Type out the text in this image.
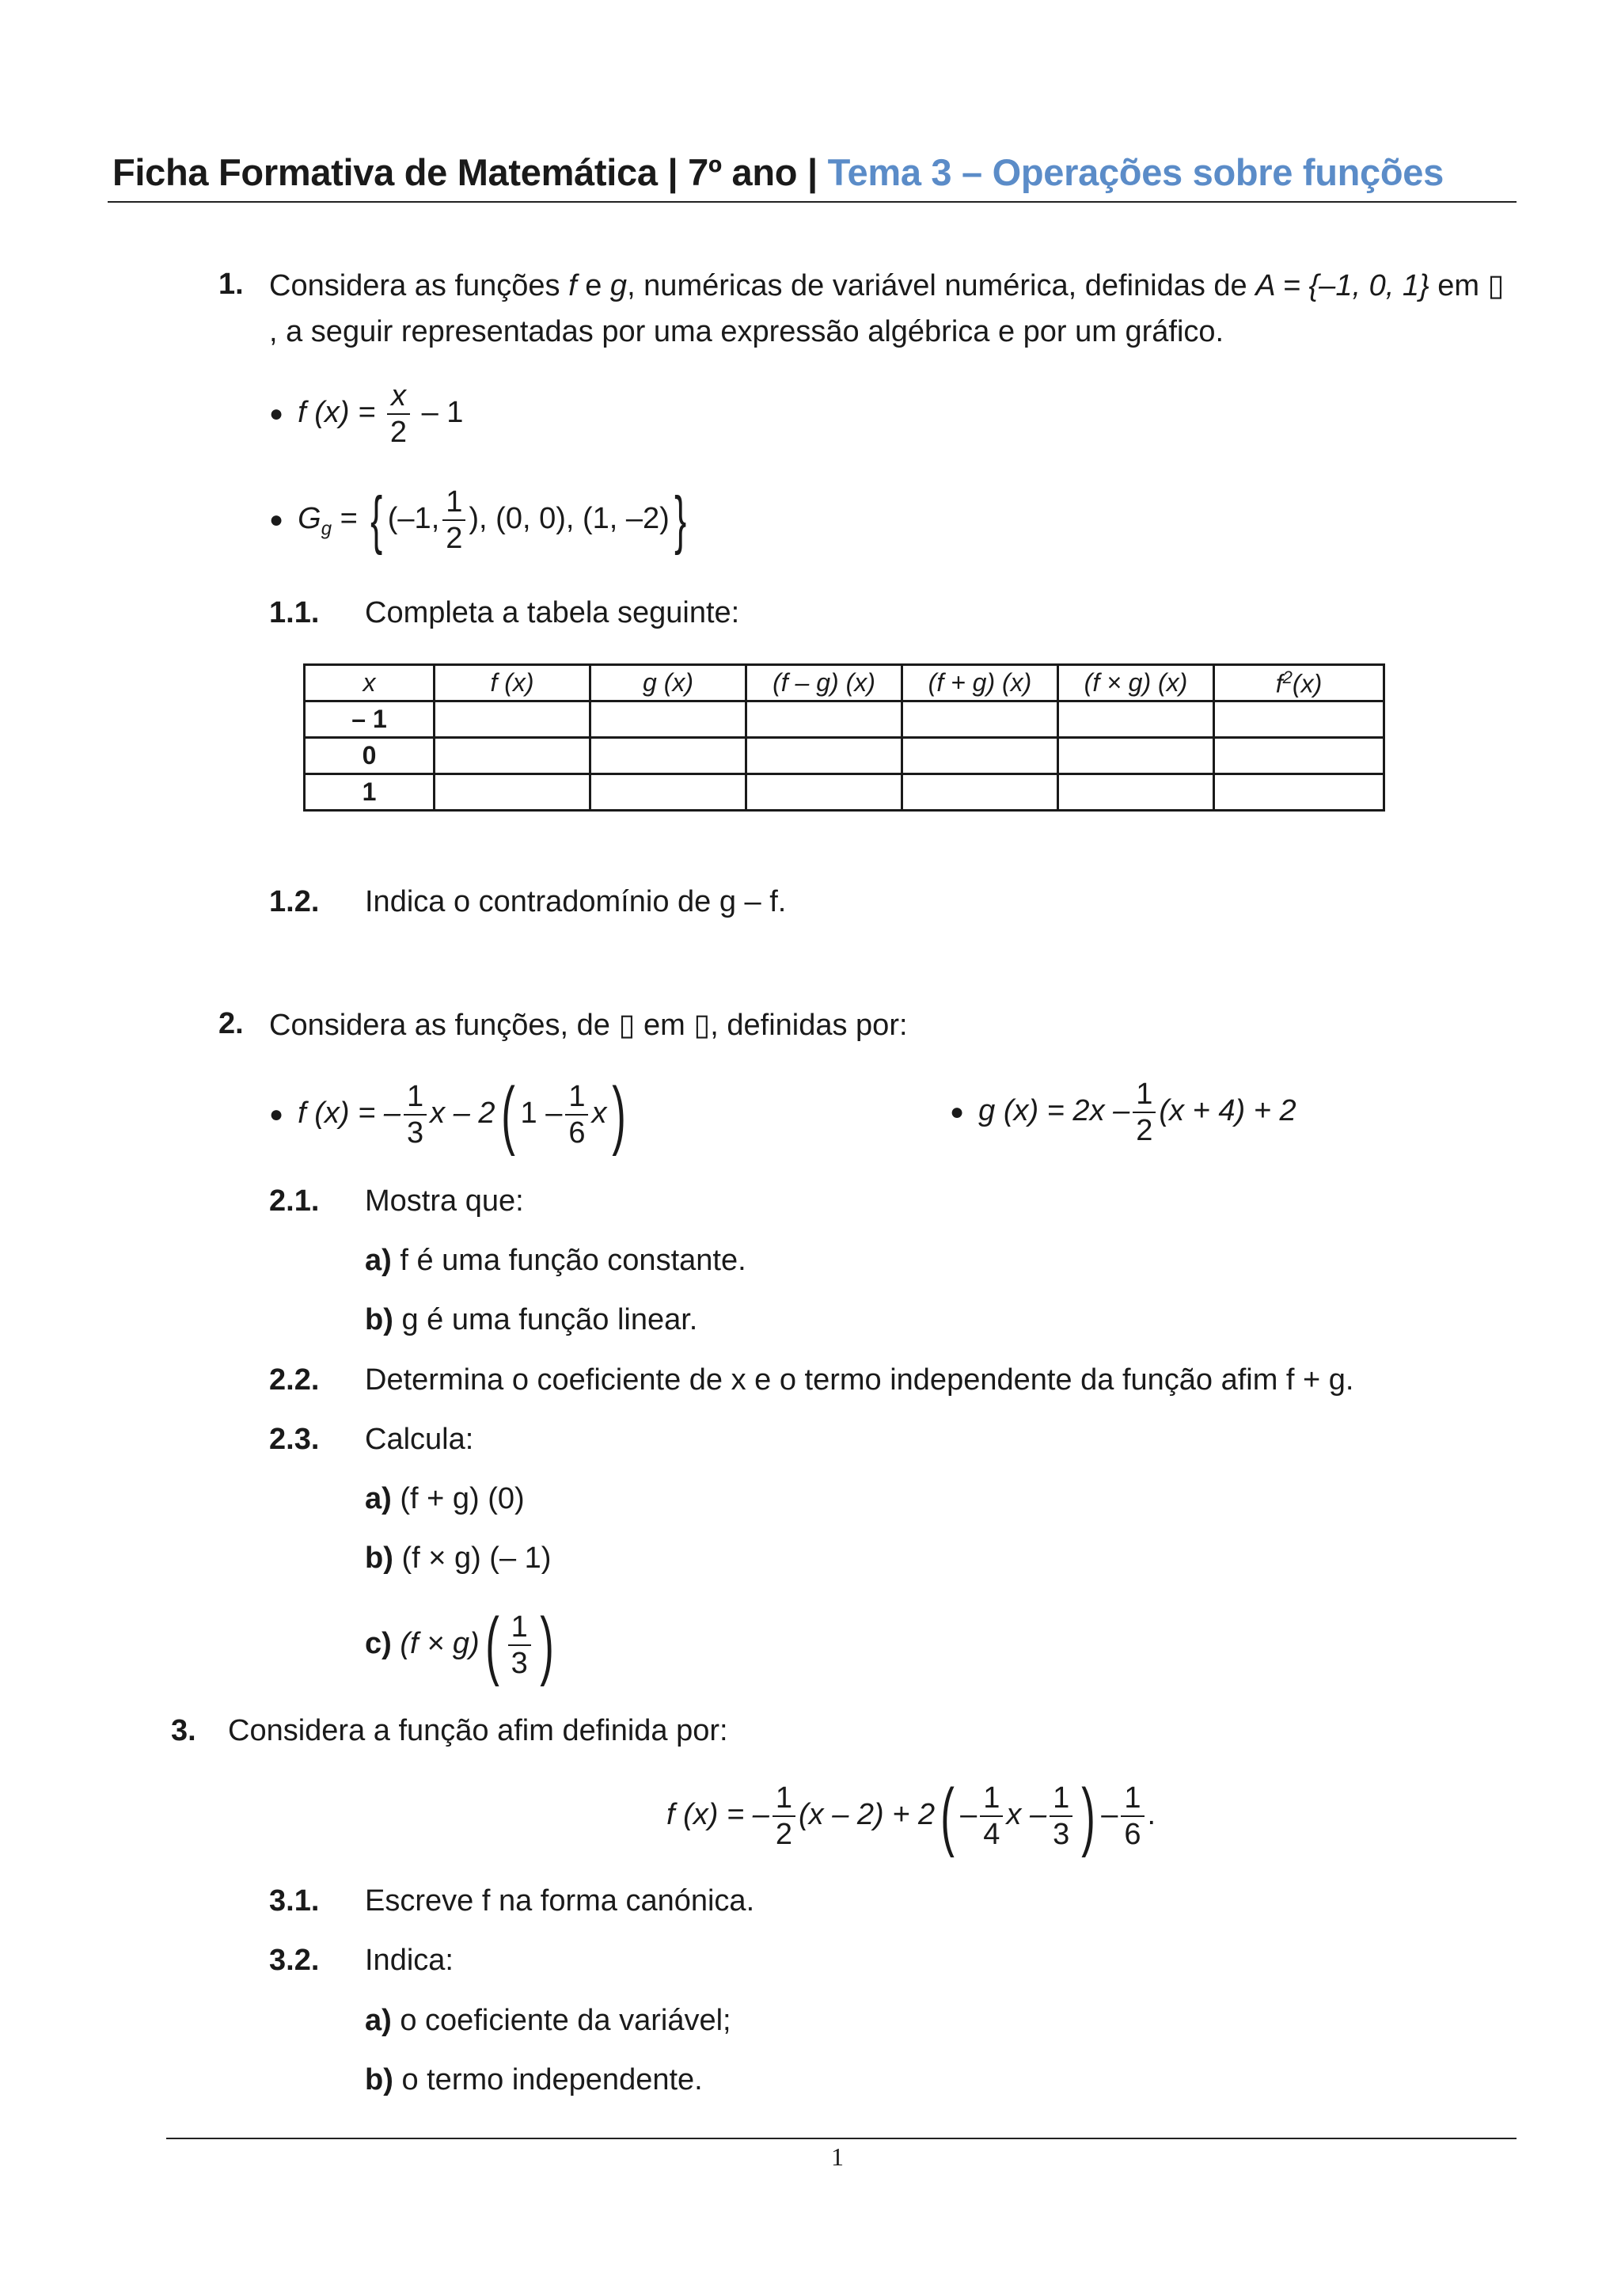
Ficha Formativa de Matemática | 7º ano | Tema 3 – Operações sobre funções
1. Considera as funções f e g, numéricas de variável numérica, definidas de A = {–1, 0, 1} em ▯
, a seguir representadas por uma expressão algébrica e por um gráfico.
● f $(x) = \frac{x}{2} - 1$
● $G_g$ = { (–1, $\frac{1}{2}$ ), (0, 0), (1, –2)}
1.1. Completa a tabela seguinte:
x	f (x)	g (x)	(f – g) (x)	(f + g) (x)	(f × g) (x)	$f^2(x)$
– 1						
0						
1						
1.2. Indica o contradomínio de g – f.
2. Considera as funções, de ▯ em ▯, definidas por:
● f (x) = – $\frac{1}{3}$ x – 2( $1 - \frac{1}{6} x$)	● g $(x) = 2x - \frac{1}{2} (x + 4) + 2$
2.1. Mostra que:
a) f é uma função constante.
b) g é uma função linear.
2.2. Determina o coeficiente de x e o termo independente da função afim f + g.
2.3. Calcula:
a) (f + g) (0)
b) (f × g) (– 1)
c) $(f \times g)( \frac{1}{3}$ )
3. Considera a função afim definida por:
f (x) = – $\frac{1}{2} (x - 2) + 2( - \frac{1}{4}$ x – $\frac{1}{3}$ ) – $\frac{1}{6}$ .
3.1. Escreve f na forma canónica.
3.2. Indica:
a) o coeficiente da variável;
b) o termo independente.
1
